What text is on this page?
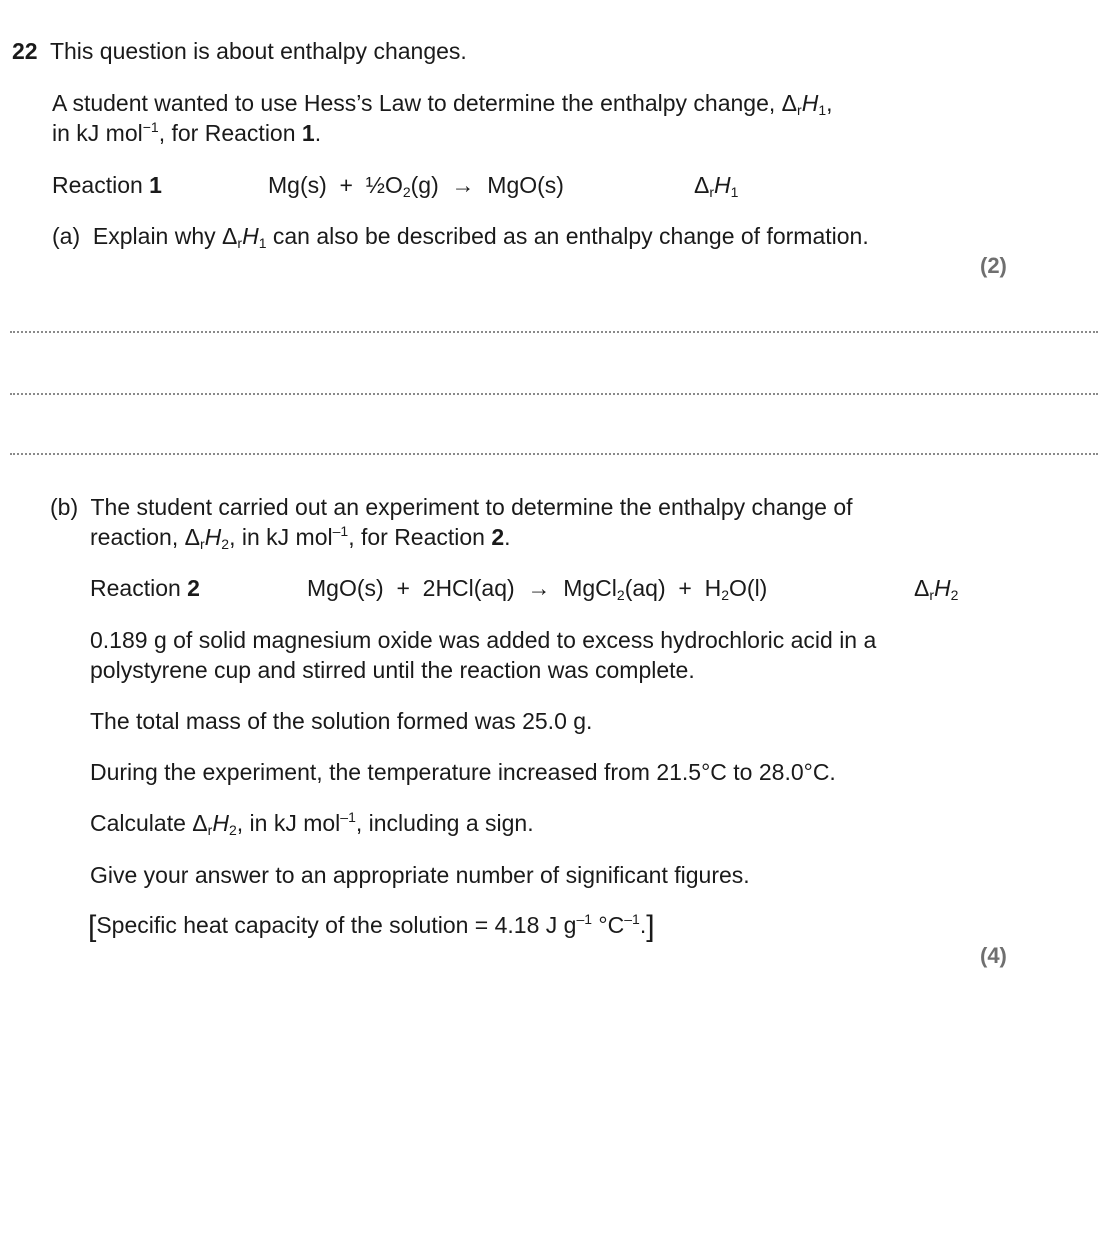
22 This question is about enthalpy changes.
A student wanted to use Hess’s Law to determine the enthalpy change, $\Delta_rH_1$,
in kJ mol$^{-1}$, for Reaction 1.
Reaction 1	$Mg(s) + \frac{1}{2}O_2(g) \to MgO(s)$	$\Delta_rH_1$
(a) Explain why $\Delta_rH_1$ can also be described as an enthalpy change of formation.
(2)
(b) The student carried out an experiment to determine the enthalpy change of
reaction, $\Delta_rH_2$, in kJ mol$^{-1}$, for Reaction 2.
Reaction 2	MgO(s)  +  2HCl(aq)  →  MgCl$_2$(aq)  +  $H_2O(l)$	$\Delta_rH_2$
0.189 g of solid magnesium oxide was added to excess hydrochloric acid in a
polystyrene cup and stirred until the reaction was complete.
The total mass of the solution formed was 25.0 g.
During the experiment, the temperature increased from 21.5°C to 28.0°C.
Calculate $\Delta_rH_2$, in kJ mol$^{-1}$, including a sign.
Give your answer to an appropriate number of significant figures.
[Specific heat capacity of the solution = 4.18 J $g^{-1}$ $^\circ C^{-1}$.]
(4)
